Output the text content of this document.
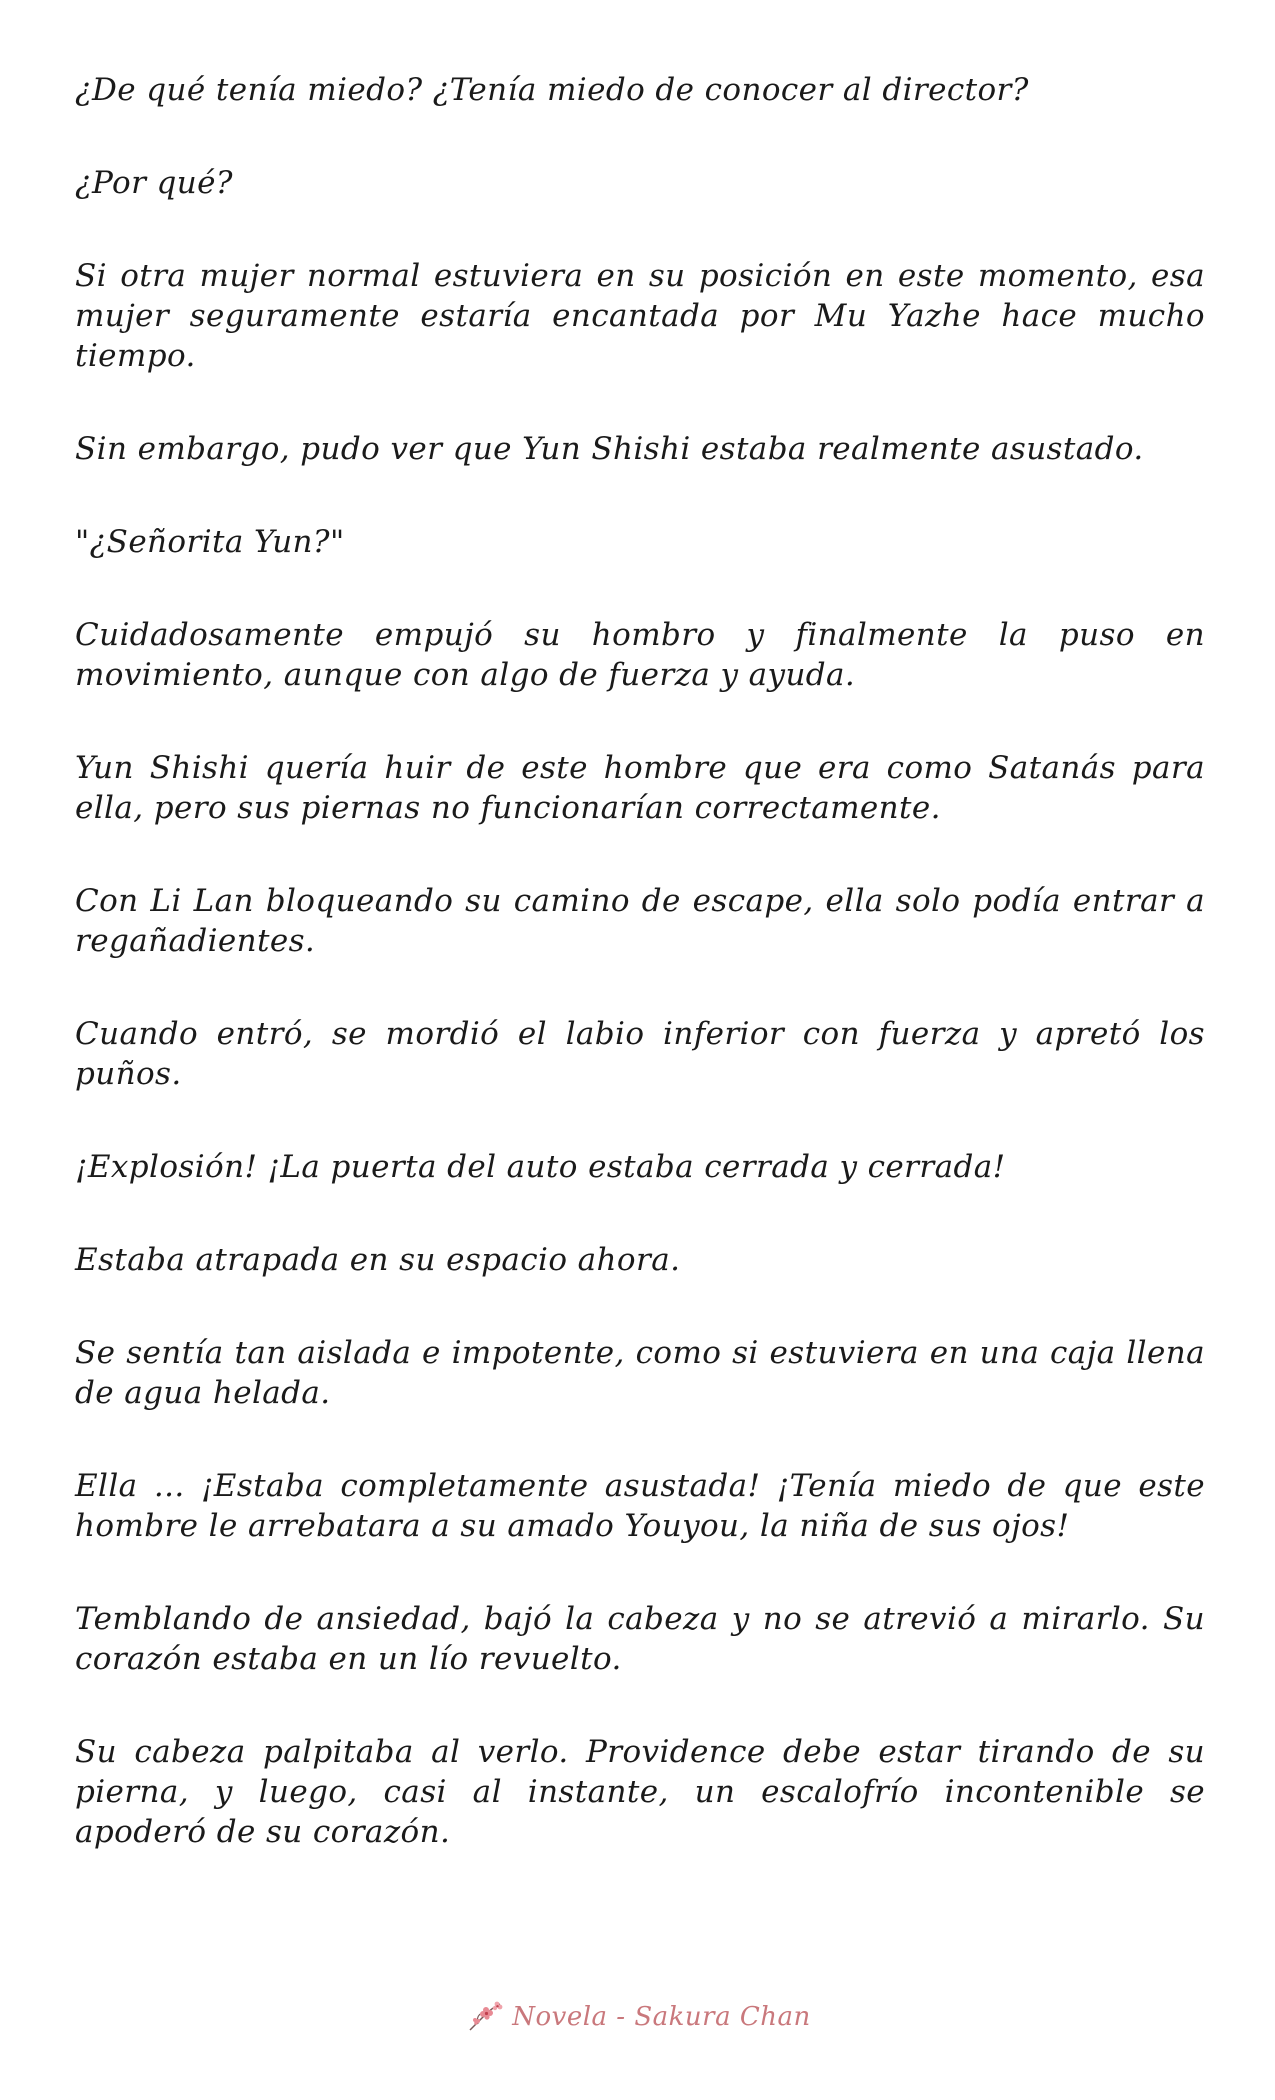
¿De qué tenía miedo? ¿Tenía miedo de conocer al director?

¿Por qué?

Si otra mujer normal estuviera en su posición en este momento, esa mujer seguramente estaría encantada por Mu Yazhe hace mucho tiempo.

Sin embargo, pudo ver que Yun Shishi estaba realmente asustado.

"¿Señorita Yun?"

Cuidadosamente empujó su hombro y finalmente la puso en movimiento, aunque con algo de fuerza y ayuda.

Yun Shishi quería huir de este hombre que era como Satanás para ella, pero sus piernas no funcionarían correctamente.

Con Li Lan bloqueando su camino de escape, ella solo podía entrar a regañadientes.

Cuando entró, se mordió el labio inferior con fuerza y apretó los puños.

¡Explosión! ¡La puerta del auto estaba cerrada y cerrada!

Estaba atrapada en su espacio ahora.

Se sentía tan aislada e impotente, como si estuviera en una caja llena de agua helada.

Ella ... ¡Estaba completamente asustada! ¡Tenía miedo de que este hombre le arrebatara a su amado Youyou, la niña de sus ojos!

Temblando de ansiedad, bajó la cabeza y no se atrevió a mirarlo. Su corazón estaba en un lío revuelto.

Su cabeza palpitaba al verlo. Providence debe estar tirando de su pierna, y luego, casi al instante, un escalofrío incontenible se apoderó de su corazón.

Novela - Sakura Chan
